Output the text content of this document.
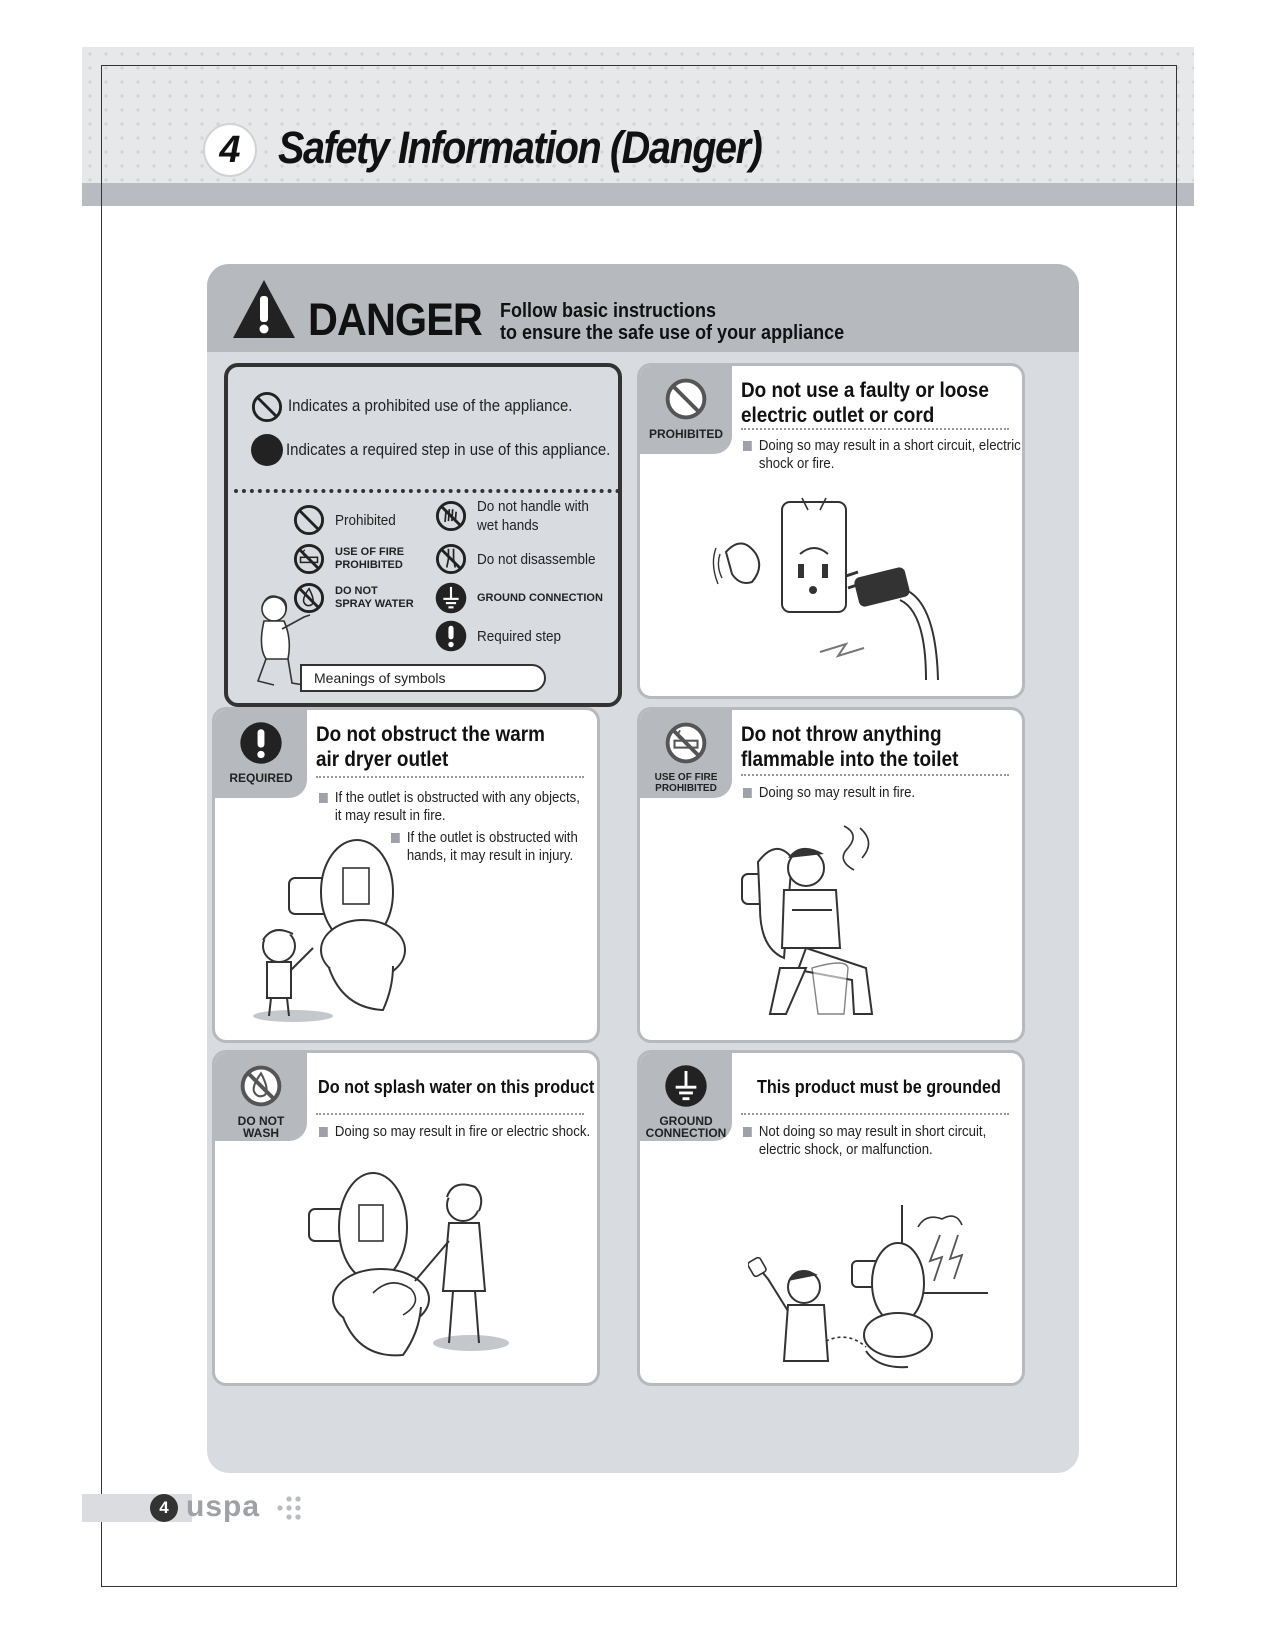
4 Safety Information (Danger)
DANGER Follow basic instructions
to ensure the safe use of your appliance
Indicates a prohibited use of the appliance.
Indicates a required step in use of this appliance.
Prohibited
Do not handle with
wet hands
USE OF FIRE
PROHIBITED	Do not disassemble
DO NOT
SPRAY WATER
GROUND CONNECTION
Required step
Meanings of symbols
PROHIBITED
Do not use a faulty or loose
electric outlet or cord
Doing so may result in a short circuit, electric
shock or fire.
REQUIRED
Do not obstruct the warm
air dryer outlet
If the outlet is obstructed with any objects,
it may result in fire.
If the outlet is obstructed with
hands, it may result in injury.
USE OF FIRE
PROHIBITED
Do not throw anything
flammable into the toilet
Doing so may result in fire.
DO NOT
WASH
Do not splash water on this product
Doing so may result in fire or electric shock.
GROUND
CONNECTION
This product must be grounded
Not doing so may result in short circuit,
electric shock, or malfunction.
4 uspa
